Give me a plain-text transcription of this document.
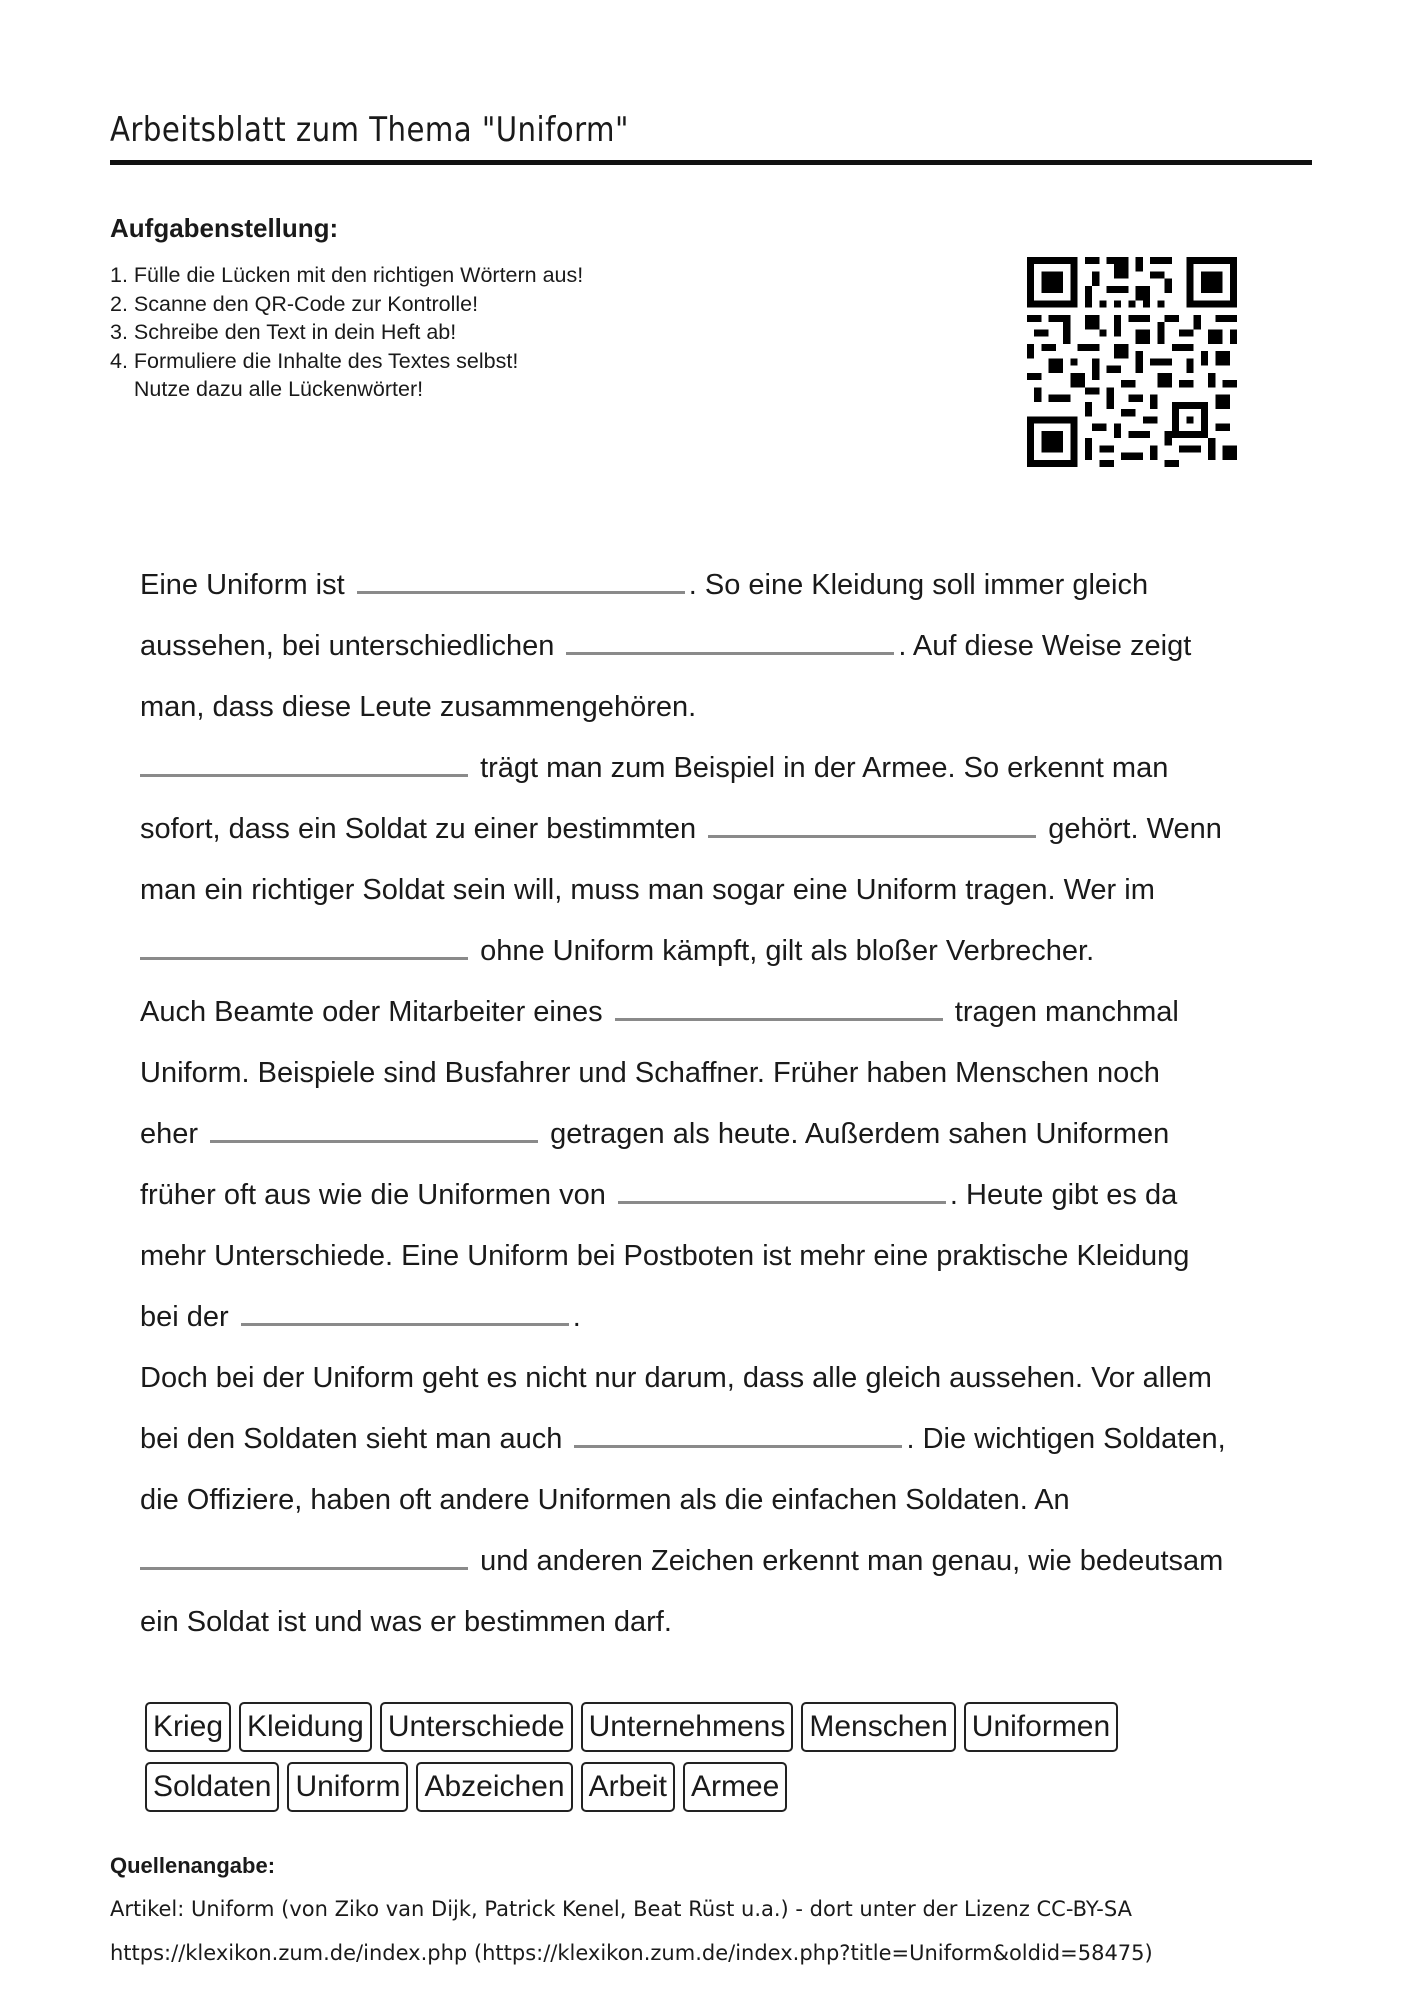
Arbeitsblatt zum Thema "Uniform"
Aufgabenstellung:
1. Fülle die Lücken mit den richtigen Wörtern aus!
2. Scanne den QR-Code zur Kontrolle!
3. Schreibe den Text in dein Heft ab!
4. Formuliere die Inhalte des Textes selbst!
Nutze dazu alle Lückenwörter!
Eine Uniform ist	. So eine Kleidung soll immer gleich
aussehen, bei unterschiedlichen	. Auf diese Weise zeigt
man, dass diese Leute zusammengehören.
trägt man zum Beispiel in der Armee. So erkennt man
sofort, dass ein Soldat zu einer bestimmten	gehört. Wenn
man ein richtiger Soldat sein will, muss man sogar eine Uniform tragen. Wer im
ohne Uniform kämpft, gilt als bloßer Verbrecher.
Auch Beamte oder Mitarbeiter eines	tragen manchmal
Uniform. Beispiele sind Busfahrer und Schaffner. Früher haben Menschen noch
eher	getragen als heute. Außerdem sahen Uniformen
früher oft aus wie die Uniformen von	. Heute gibt es da
mehr Unterschiede. Eine Uniform bei Postboten ist mehr eine praktische Kleidung
bei der	.
Doch bei der Uniform geht es nicht nur darum, dass alle gleich aussehen. Vor allem
bei den Soldaten sieht man auch	. Die wichtigen Soldaten,
die Offiziere, haben oft andere Uniformen als die einfachen Soldaten. An
und anderen Zeichen erkennt man genau, wie bedeutsam
ein Soldat ist und was er bestimmen darf.
Krieg Kleidung Unterschiede Unternehmens Menschen Uniformen
Soldaten Uniform Abzeichen Arbeit Armee
Quellenangabe:
Artikel: Uniform (von Ziko van Dijk, Patrick Kenel, Beat Rüst u.a.) - dort unter der Lizenz CC-BY-SA
https://klexikon.zum.de/index.php (https://klexikon.zum.de/index.php?title=Uniform&oldid=58475)
